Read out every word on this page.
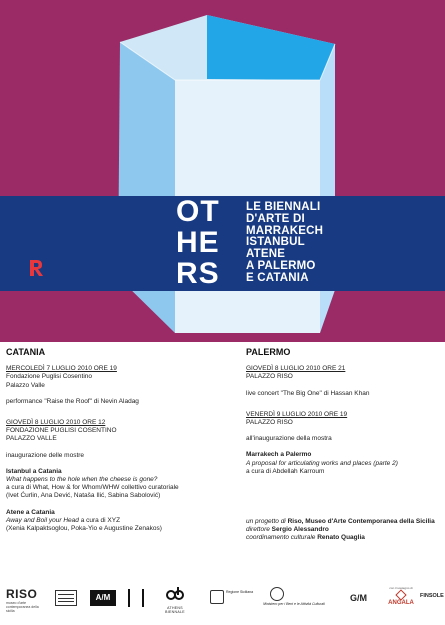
OT
HE
RS
LE BIENNALI
D'ARTE DI
MARRAKECH
ISTANBUL
ATENE
A PALERMO
E CATANIA
CATANIA

MERCOLEDÌ 7 LUGLIO 2010 ORE 19

Fondazione Puglisi Cosentino

Palazzo Valle

performance "Raise the Roof" di Nevin Aladag

GIOVEDÌ 8 LUGLIO 2010 ORE 12

FONDAZIONE PUGLISI COSENTINO

PALAZZO VALLE

inaugurazione delle mostre

Istanbul a Catania

What happens to the hole when the cheese is gone?

a cura di What, How & for Whom/WHW collettivo curatoriale

(Ivet Ćurlin, Ana Dević, Nataša Ilić, Sabina Sabolović)

Atene a Catania

Away and Boil your Head a cura di XYZ

(Xenia Kalpaktsoglou, Poka-Yio e Augustine Zenakos)

PALERMO

GIOVEDÌ 8 LUGLIO 2010 ORE 21

PALAZZO RISO

live concert "The Big One" di Hassan Khan

VENERDÌ 9 LUGLIO 2010 ORE 19

PALAZZO RISO

all'inaugurazione della mostra

Marrakech a Palermo

A proposal for articulating works and places (parte 2)

a cura di Abdellah Karroum

un progetto di Riso, Museo d'Arte Contemporanea della Sicilia

direttore Sergio Alessandro

coordinamento culturale Renato Quaglia

RISO
museo d'arte contemporanea della sicilia
A/M
ATHENS BIENNALE
Regione Siciliana
Ministero per i Beni e le Attività Culturali
G/M
con il sostegno di
ANGALA
FINSOLE
